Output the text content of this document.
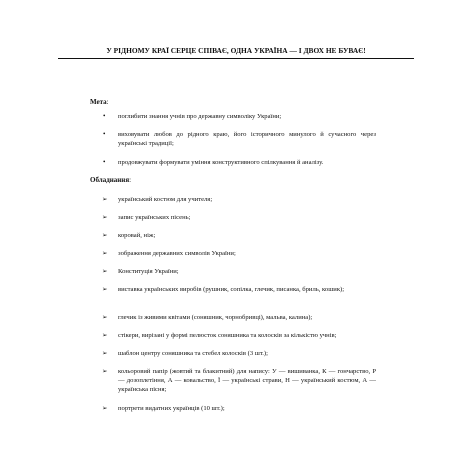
У РІДНОМУ КРАЇ СЕРЦЕ СПІВАЄ, ОДНА УКРАЇНА — І ДВОХ НЕ БУВАЄ!
Мета:
• поглибити знання учнів про державну символіку України;
• виховувати любов до рідного краю, його історичного минулого й сучасного через українські традиції;
• продовжувати формувати уміння конструктивного спілкування й аналізу.
Обладнання:
➢ український костюм для учителя;
➢ запис українських пісень;
➢ коровай, ніж;
➢ зображення державних символів України;
➢ Конституція України;
➢ виставка українських виробів (рушник, сопілка, глечик, писанка, бриль, кошик);
➢ глечик із живими квітами (соняшник, чорнобривці), мальва, калина);
➢ стікери, вирізані у формі пелюсток соняшника та колосків за кількістю учнів;
➢ шаблон центру соняшника та стебел колосків (3 шт.);
➢ кольоровий папір (жовтий та блакитний) для напису: У — вишиванка, К — гончарство, Р — дозоплетіння, А — ковальство, Ї — українські страви, Н — український костюм, А — українська пісня;
➢ портрети видатних українців (10 шт.);
